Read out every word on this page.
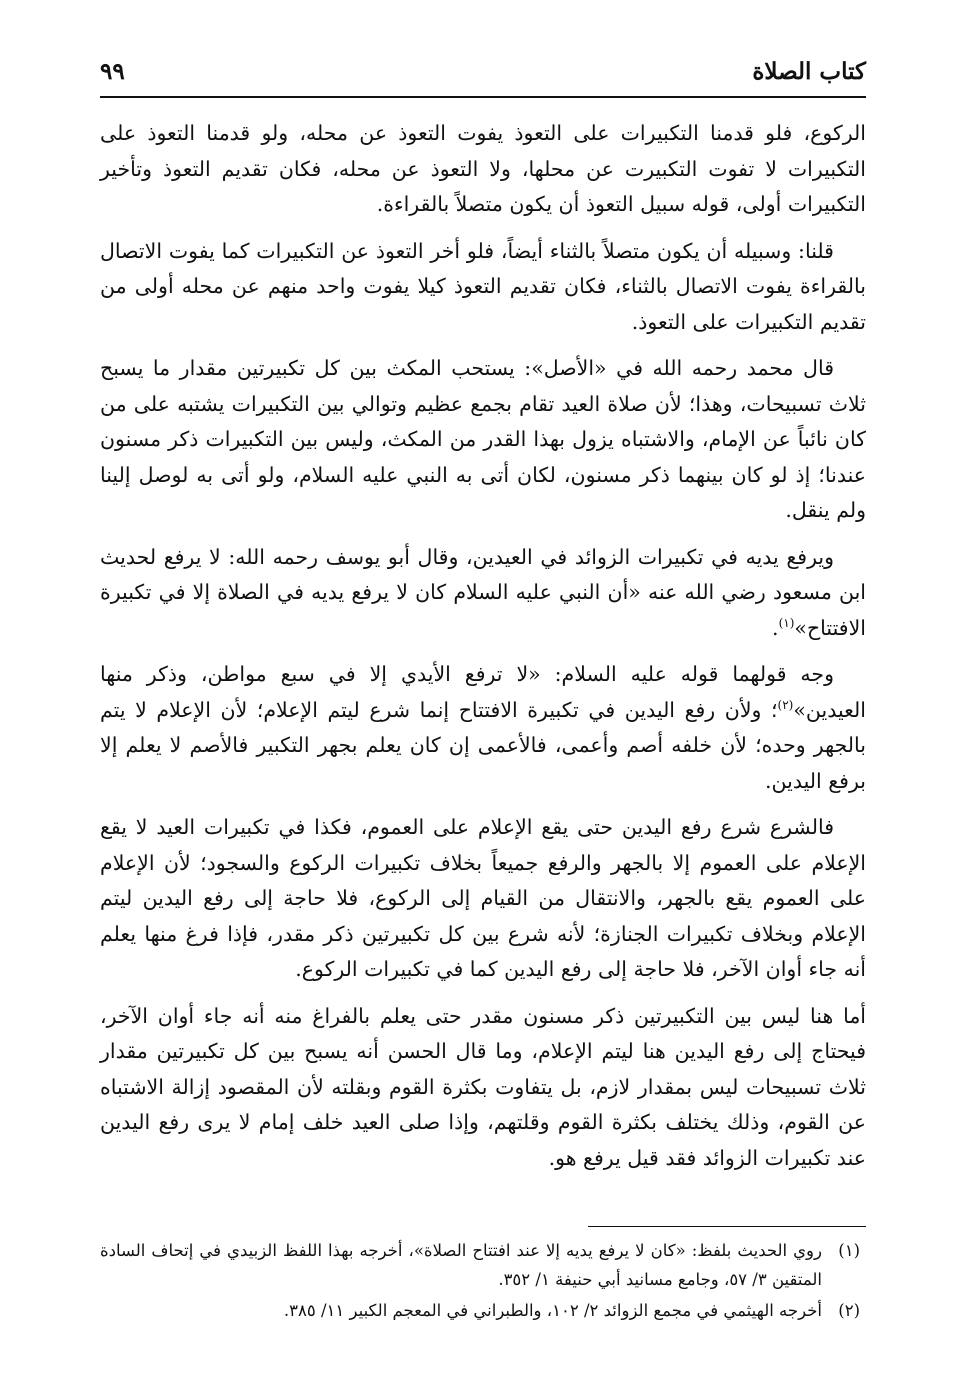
كتاب الصلاة
٩٩

الركوع، فلو قدمنا التكبيرات على التعوذ يفوت التعوذ عن محله، ولو قدمنا التعوذ على التكبيرات لا تفوت التكبيرت عن محلها، ولا التعوذ عن محله، فكان تقديم التعوذ وتأخير التكبيرات أولى، قوله سبيل التعوذ أن يكون متصلاً بالقراءة.

قلنا: وسبيله أن يكون متصلاً بالثناء أيضاً، فلو أخر التعوذ عن التكبيرات كما يفوت الاتصال بالقراءة يفوت الاتصال بالثناء، فكان تقديم التعوذ كيلا يفوت واحد منهم عن محله أولى من تقديم التكبيرات على التعوذ.

قال محمد رحمه الله في «الأصل»: يستحب المكث بين كل تكبيرتين مقدار ما يسبح ثلاث تسبيحات، وهذا؛ لأن صلاة العيد تقام بجمع عظيم وتوالي بين التكبيرات يشتبه على من كان نائباً عن الإمام، والاشتباه يزول بهذا القدر من المكث، وليس بين التكبيرات ذكر مسنون عندنا؛ إذ لو كان بينهما ذكر مسنون، لكان أتى به النبي عليه السلام، ولو أتى به لوصل إلينا ولم ينقل.

ويرفع يديه في تكبيرات الزوائد في العيدين، وقال أبو يوسف رحمه الله: لا يرفع لحديث ابن مسعود رضي الله عنه «أن النبي عليه السلام كان لا يرفع يديه في الصلاة إلا في تكبيرة الافتتاح»$^{(١)}$.

وجه قولهما قوله عليه السلام: «لا ترفع الأيدي إلا في سبع مواطن، وذكر منها العيدين»$^{(٢)}$؛ ولأن رفع اليدين في تكبيرة الافتتاح إنما شرع ليتم الإعلام؛ لأن الإعلام لا يتم بالجهر وحده؛ لأن خلفه أصم وأعمى، فالأعمى إن كان يعلم بجهر التكبير فالأصم لا يعلم إلا برفع اليدين.

فالشرع شرع رفع اليدين حتى يقع الإعلام على العموم، فكذا في تكبيرات العيد لا يقع الإعلام على العموم إلا بالجهر والرفع جميعاً بخلاف تكبيرات الركوع والسجود؛ لأن الإعلام على العموم يقع بالجهر، والانتقال من القيام إلى الركوع، فلا حاجة إلى رفع اليدين ليتم الإعلام وبخلاف تكبيرات الجنازة؛ لأنه شرع بين كل تكبيرتين ذكر مقدر، فإذا فرغ منها يعلم أنه جاء أوان الآخر، فلا حاجة إلى رفع اليدين كما في تكبيرات الركوع.

أما هنا ليس بين التكبيرتين ذكر مسنون مقدر حتى يعلم بالفراغ منه أنه جاء أوان الآخر، فيحتاج إلى رفع اليدين هنا ليتم الإعلام، وما قال الحسن أنه يسبح بين كل تكبيرتين مقدار ثلاث تسبيحات ليس بمقدار لازم، بل يتفاوت بكثرة القوم وبقلته لأن المقصود إزالة الاشتباه عن القوم، وذلك يختلف بكثرة القوم وقلتهم، وإذا صلى العيد خلف إمام لا يرى رفع اليدين عند تكبيرات الزوائد فقد قيل يرفع هو.

(١)
روي الحديث بلفظ: «كان لا يرفع يديه إلا عند افتتاح الصلاة»، أخرجه بهذا اللفظ الزبيدي في إتحاف السادة المتقين ٣/ ٥٧، وجامع مسانيد أبي حنيفة ١/ ٣٥٢.
(٢)
أخرجه الهيثمي في مجمع الزوائد ٢/ ١٠٢، والطبراني في المعجم الكبير ١١/ ٣٨٥.
